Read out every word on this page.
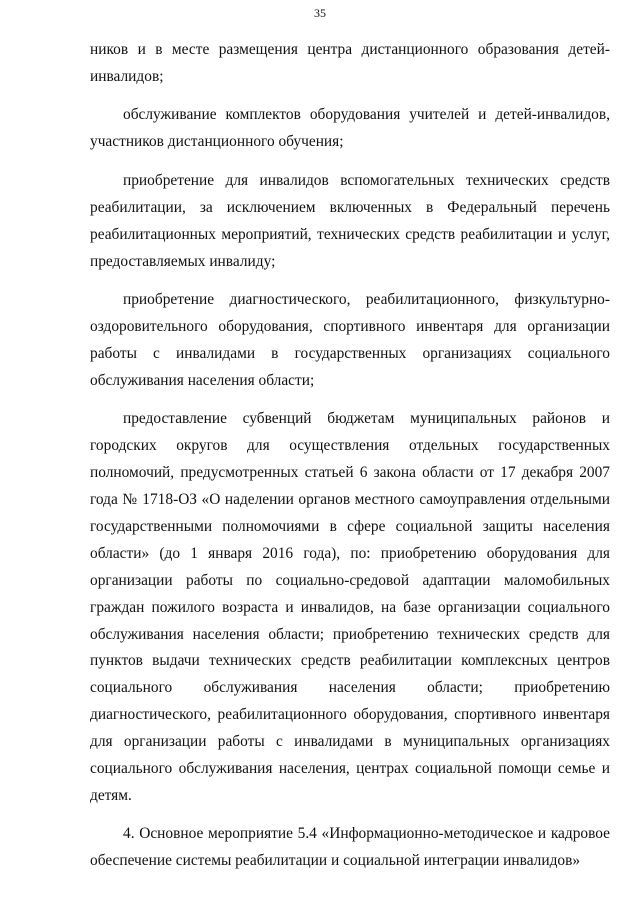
35

ников и в месте размещения центра дистанционного образования детей-инвалидов;

обслуживание комплектов оборудования учителей и детей-инвалидов, участников дистанционного обучения;

приобретение для инвалидов вспомогательных технических средств реабилитации, за исключением включенных в Федеральный перечень реабилитационных мероприятий, технических средств реабилитации и услуг, предоставляемых инвалиду;

приобретение диагностического, реабилитационного, физкультурно-оздоровительного оборудования, спортивного инвентаря для организации работы с инвалидами в государственных организациях социального обслуживания населения области;

предоставление субвенций бюджетам муниципальных районов и городских округов для осуществления отдельных государственных полномочий, предусмотренных статьей 6 закона области от 17 декабря 2007 года № 1718-ОЗ «О наделении органов местного самоуправления отдельными государственными полномочиями в сфере социальной защиты населения области» (до 1 января 2016 года), по: приобретению оборудования для организации работы по социально-средовой адаптации маломобильных граждан пожилого возраста и инвалидов, на базе организации социального обслуживания населения области; приобретению технических средств для пунктов выдачи технических средств реабилитации комплексных центров социального обслуживания населения области; приобретению диагностического, реабилитационного оборудования, спортивного инвентаря для организации работы с инвалидами в муниципальных организациях социального обслуживания населения, центрах социальной помощи семье и детям.

4. Основное мероприятие 5.4 «Информационно-методическое и кадровое обеспечение системы реабилитации и социальной интеграции инвалидов»
